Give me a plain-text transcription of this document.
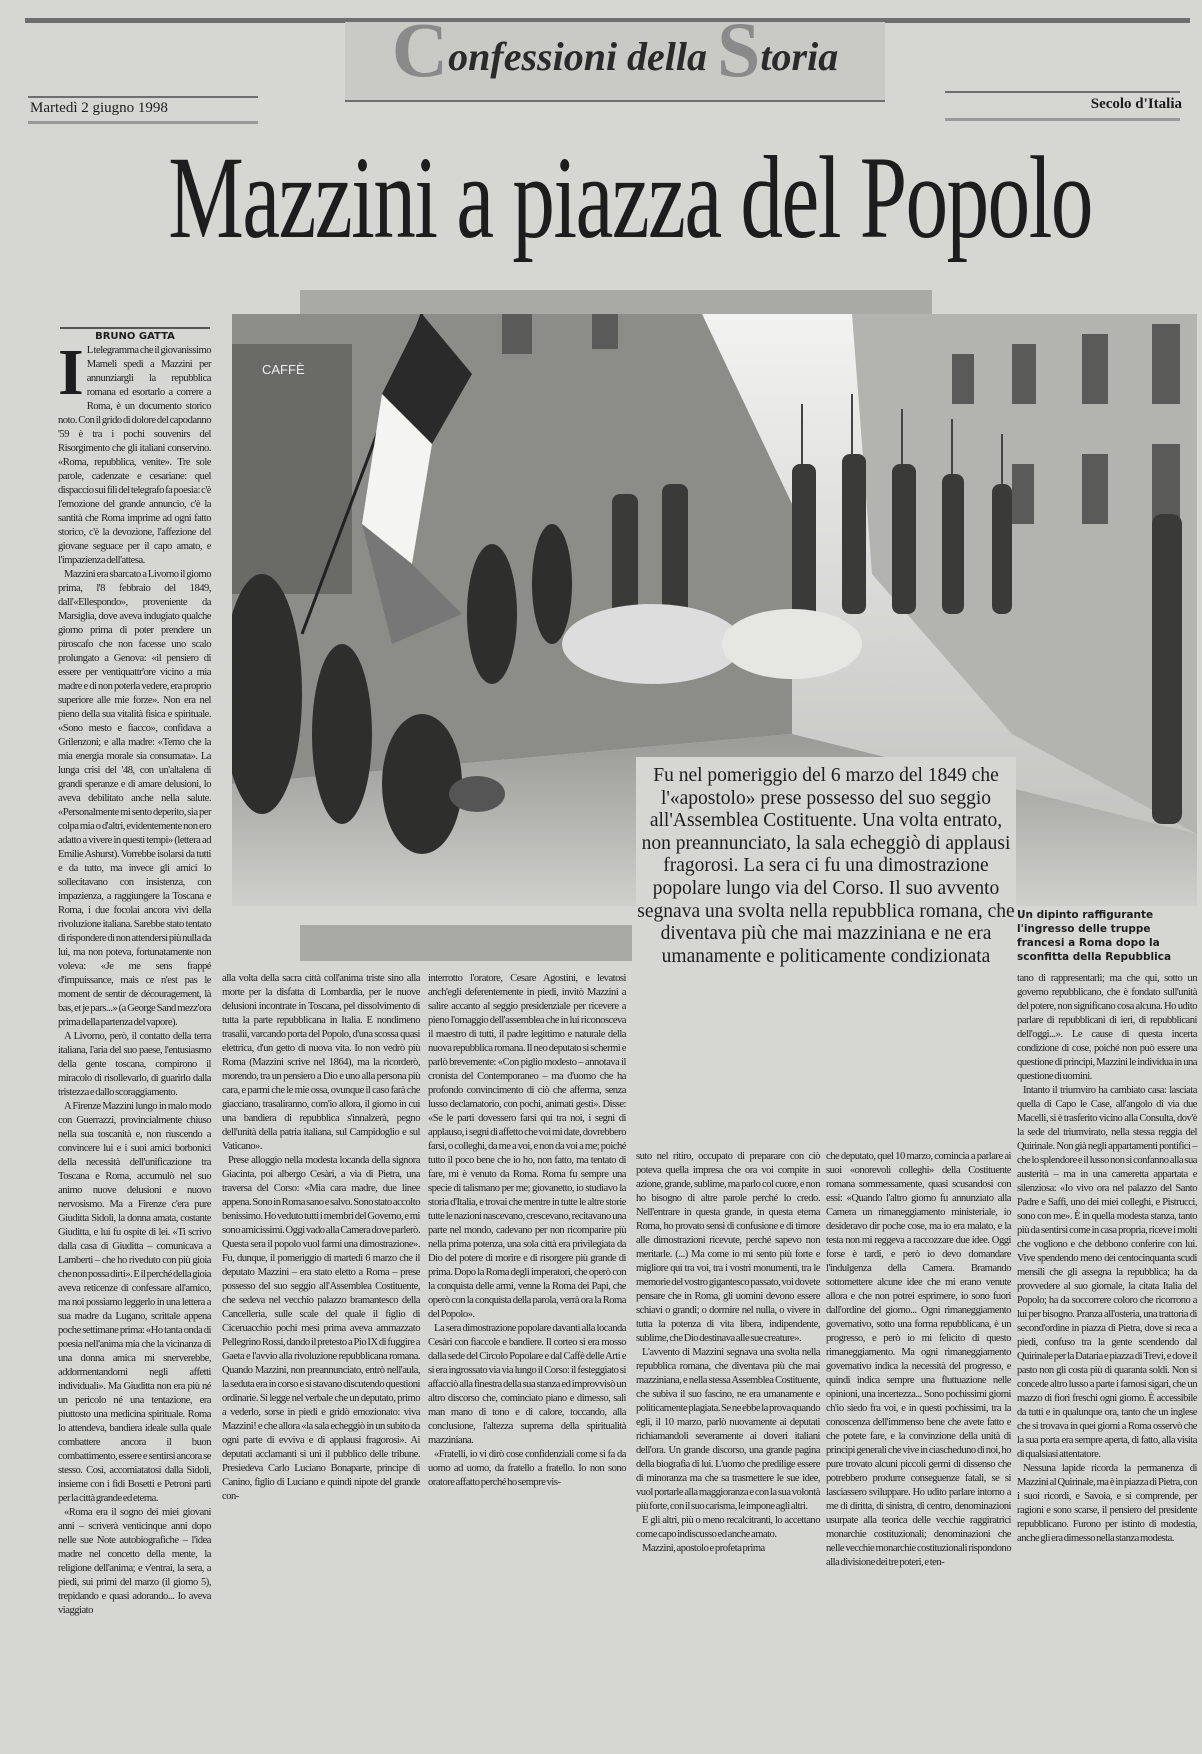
Confessioni della Storia
Martedì 2 giugno 1998	Secolo d'Italia
Mazzini a piazza del Popolo
BRUNO GATTA
I L telegramma che il giovanissimo Mameli spedì a Mazzini per annunziargli la repubblica romana ed esortarlo a correre a Roma, è un documento storico noto. Con il grido di dolore del capodanno '59 è tra i pochi souvenirs del Risorgimento che gli italiani conservino. «Roma, repubblica, venite». Tre sole parole, cadenzate e cesariane: quel dispaccio sui fili del telegrafo fa poesia: c'è l'emozione del grande annuncio, c'è la santità che Roma imprime ad ogni fatto storico, c'è la devozione, l'affezione del giovane seguace per il capo amato, e l'impazienza dell'attesa.

Mazzini era sbarcato a Livorno il giorno prima, l'8 febbraio del 1849, dall'«Ellespondo», proveniente da Marsiglia, dove aveva indugiato qualche giorno prima di poter prendere un piroscafo che non facesse uno scalo prolungato a Genova: «il pensiero di essere per ventiquattr'ore vicino a mia madre e di non poterla vedere, era proprio superiore alle mie forze». Non era nel pieno della sua vitalità fisica e spirituale. «Sono mesto e fiacco», confidava a Grilenzoni; e alla madre: «Temo che la mia energia morale sia consumata». La lunga crisi del '48, con un'altalena di grandi speranze e di amare delusioni, lo aveva debilitato anche nella salute. «Personalmente mi sento deperito, sia per colpa mia o d'altri, evidentemente non ero adatto a vivere in questi tempi» (lettera ad Emilie Ashurst). Vorrebbe isolarsi da tutti e da tutto, ma invece gli amici lo sollecitavano con insistenza, con impazienza, a raggiungere la Toscana e Roma, i due focolai ancora vivi della rivoluzione italiana. Sarebbe stato tentato di rispondere di non attendersi più nulla da lui, ma non poteva, fortunatamente non voleva: «Je me sens frappé d'impuissance, mais ce n'est pas le moment de sentir de découragement, là bas, et je pars...» (a George Sand mezz'ora prima della partenza del vapore).

A Livorno, però, il contatto della terra italiana, l'aria del suo paese, l'entusiasmo della gente toscana, compirono il miracolo di risollevarlo, di guarirlo dalla tristezza e dallo scoraggiamento.

A Firenze Mazzini lungo in malo modo con Guerrazzi, provincialmente chiuso nella sua toscanità e, non riuscendo a convincere lui e i suoi amici borbonici della necessità dell'unificazione tra Toscana e Roma, accumulò nel suo animo nuove delusioni e nuovo nervosismo. Ma a Firenze c'era pure Giuditta Sidoli, la donna amata, costante Giuditta, e lui fu ospite di lei. «Ti scrivo dalla casa di Giuditta – comunicava a Lamberti – che ho riveduto con più gioia che non possa dirti». E il perché della gioia aveva reticenze di confessare all'amico, ma noi possiamo leggerlo in una lettera a sua madre da Lugano, scrittale appena poche settimane prima: «Ho tanta onda di poesia nell'anima mia che la vicinanza di una donna amica mi snerverebbe, addormentandomi negli affetti individuali». Ma Giuditta non era più né un pericolo né una tentazione, era piuttosto una medicina spirituale. Roma lo attendeva, bandiera ideale sulla quale combattere ancora il buon combattimento, essere e sentirsi ancora se stesso. Così, accomiatatosi dalla Sidoli, insieme con i fidi Bosetti e Petroni partì per la città grande ed eterna.

«Roma era il sogno dei miei giovani anni – scriverà venticinque anni dopo nelle sue Note autobiografiche – l'idea madre nel concetto della mente, la religione dell'anima; e v'entrai, la sera, a piedi, sui primi del marzo (il giorno 5), trepidando e quasi adorando... Io aveva viaggiato

CAFFÈ
Fu nel pomeriggio del 6 marzo del 1849 che l'«apostolo» prese possesso del suo seggio all'Assemblea Costituente. Una volta entrato, non preannunciato, la sala echeggiò di applausi fragorosi. La sera ci fu una dimostrazione popolare lungo via del Corso. Il suo avvento segnava una svolta nella repubblica romana, che diventava più che mai mazziniana e ne era umanamente e politicamente condizionata
Un dipinto raffigurante l'ingresso delle truppe francesi a Roma dopo la sconfitta della Repubblica

alla volta della sacra città coll'anima triste sino alla morte per la disfatta di Lombardia, per le nuove delusioni incontrate in Toscana, pel dissolvimento di tutta la parte repubblicana in Italia. E nondimeno trasalii, varcando porta del Popolo, d'una scossa quasi elettrica, d'un getto di nuova vita. Io non vedrò più Roma (Mazzini scrive nel 1864), ma la ricorderò, morendo, tra un pensiero a Dio e uno alla persona più cara, e parmi che le mie ossa, ovunque il caso farà che giacciano, trasaliranno, com'io allora, il giorno in cui una bandiera di repubblica s'innalzerà, pegno dell'unità della patria italiana, sul Campidoglio e sul Vaticano».

Prese alloggio nella modesta locanda della signora Giacinta, poi albergo Cesàri, a via di Pietra, una traversa del Corso: «Mia cara madre, due linee appena. Sono in Roma sano e salvo. Sono stato accolto benissimo. Ho veduto tutti i membri del Governo, e mi sono amicissimi. Oggi vado alla Camera dove parlerò. Questa sera il popolo vuol farmi una dimostrazione». Fu, dunque, il pomeriggio di martedì 6 marzo che il deputato Mazzini – era stato eletto a Roma – prese possesso del suo seggio all'Assemblea Costituente, che sedeva nel vecchio palazzo bramantesco della Cancelleria, sulle scale del quale il figlio di Ciceruacchio pochi mesi prima aveva ammazzato Pellegrino Rossi, dando il pretesto a Pio IX di fuggire a Gaeta e l'avvio alla rivoluzione repubblicana romana. Quando Mazzini, non preannunciato, entrò nell'aula, la seduta era in corso e si stavano discutendo questioni ordinarie. Si legge nel verbale che un deputato, primo a vederlo, sorse in piedi e gridò emozionato: viva Mazzini! e che allora «la sala echeggiò in un subito da ogni parte di evviva e di applausi fragorosi». Ai deputati acclamanti si unì il pubblico delle tribune. Presiedeva Carlo Luciano Bonaparte, principe di Canino, figlio di Luciano e quindi nipote del grande con-

interrotto l'oratore, Cesare Agostini, e levatosi anch'egli deferentemente in piedi, invitò Mazzini a salire accanto al seggio presidenziale per ricevere a pieno l'omaggio dell'assemblea che in lui riconosceva il maestro di tutti, il padre legittimo e naturale della nuova repubblica romana. Il neo deputato si schermì e parlò brevemente: «Con piglio modesto – annotava il cronista del Contemporaneo – ma d'uomo che ha profondo convincimento di ciò che afferma, senza lusso declamatorio, con pochi, animati gesti». Disse: «Se le parti dovessero farsi qui tra noi, i segni di applauso, i segni di affetto che voi mi date, dovrebbero farsi, o colleghi, da me a voi, e non da voi a me; poiché tutto il poco bene che io ho, non fatto, ma tentato di fare, mi è venuto da Roma. Roma fu sempre una specie di talismano per me; giovanetto, io studiavo la storia d'Italia, e trovai che mentre in tutte le altre storie tutte le nazioni nascevano, crescevano, recitavano una parte nel mondo, cadevano per non ricomparire più nella prima potenza, una sola città era privilegiata da Dio del potere di morire e di risorgere più grande di prima. Dopo la Roma degli imperatori, che operò con la conquista delle armi, venne la Roma dei Papi, che operò con la conquista della parola, verrà ora la Roma del Popolo».

La sera dimostrazione popolare davanti alla locanda Cesàri con fiaccole e bandiere. Il corteo si era mosso dalla sede del Circolo Popolare e dal Caffè delle Arti e si era ingrossato via via lungo il Corso: il festeggiato si affacciò alla finestra della sua stanza ed improvvisò un altro discorso che, cominciato piano e dimesso, salì man mano di tono e di calore, toccando, alla conclusione, l'altezza suprema della spiritualità mazziniana.

«Fratelli, io vi dirò cose confidenziali come si fa da uomo ad uomo, da fratello a fratello. Io non sono oratore affatto perché ho sempre vis-

suto nel ritiro, occupato di preparare con ciò poteva quella impresa che ora voi compite in azione, grande, sublime, ma parlo col cuore, e non ho bisogno di altre parole perché lo credo. Nell'entrare in questa grande, in questa eterna Roma, ho provato sensi di confusione e di timore alle dimostrazioni ricevute, perché sapevo non meritarle. (...) Ma come io mi sento più forte e migliore qui tra voi, tra i vostri monumenti, tra le memorie del vostro gigantesco passato, voi dovete pensare che in Roma, gli uomini devono essere schiavi o grandi; o dormire nel nulla, o vivere in tutta la potenza di vita libera, indipendente, sublime, che Dio destinava alle sue creature».

L'avvento di Mazzini segnava una svolta nella repubblica romana, che diventava più che mai mazziniana, e nella stessa Assemblea Costituente, che subiva il suo fascino, ne era umanamente e politicamente plagiata. Se ne ebbe la prova quando egli, il 10 marzo, parlò nuovamente ai deputati richiamandoli severamente ai doveri italiani dell'ora. Un grande discorso, una grande pagina della biografia di lui. L'uomo che predilige essere di minoranza ma che sa trasmettere le sue idee, vuol portarle alla maggioranza e con la sua volontà più forte, con il suo carisma, le impone agli altri.

E gli altri, più o meno recalcitranti, lo accettano come capo indiscusso ed anche amato.

Mazzini, apostolo e profeta prima

che deputato, quel 10 marzo, comincia a parlare ai suoi «onorevoli colleghi» della Costituente romana sommessamente, quasi scusandosi con essi: «Quando l'altro giorno fu annunziato alla Camera un rimaneggiamento ministeriale, io desideravo dir poche cose, ma io era malato, e la testa non mi reggeva a raccozzare due idee. Oggi forse è tardi, e però io devo domandare l'indulgenza della Camera. Bramando sottomettere alcune idee che mi erano venute allora e che non potrei esprimere, io sono fuori dall'ordine del giorno... Ogni rimaneggiamento governativo, sotto una forma repubblicana, è un progresso, e però io mi felicito di questo rimaneggiamento. Ma ogni rimaneggiamento governativo indica la necessità del progresso, e quindi indica sempre una fluttuazione nelle opinioni, una incertezza... Sono pochissimi giorni ch'io siedo fra voi, e in questi pochissimi, tra la conoscenza dell'immenso bene che avete fatto e che potete fare, e la convinzione della unità di principi generali che vive in ciascheduno di noi, ho pure trovato alcuni piccoli germi di dissenso che potrebbero produrre conseguenze fatali, se si lasciassero sviluppare. Ho udito parlare intorno a me di diritta, di sinistra, di centro, denominazioni usurpate alla teorica delle vecchie raggiratrici monarchie costituzionali; denominazioni che nelle vecchie monarchie costituzionali rispondono alla divisione dei tre poteri, e ten-

tano di rappresentarli; ma che qui, sotto un governo repubblicano, che è fondato sull'unità del potere, non significano cosa alcuna. Ho udito parlare di repubblicani di ieri, di repubblicani dell'oggi...». Le cause di questa incerta condizione di cose, poiché non può essere una questione di principi, Mazzini le individua in una questione di uomini.

Intanto il triumviro ha cambiato casa: lasciata quella di Capo le Case, all'angolo di via due Macelli, si è trasferito vicino alla Consulta, dov'è la sede del triumvirato, nella stessa reggia del Quirinale. Non già negli appartamenti pontifici – che lo splendore e il lusso non si confanno alla sua austerità – ma in una cameretta appartata e silenziosa: «Io vivo ora nel palazzo del Santo Padre e Saffi, uno dei miei colleghi, e Pistrucci, sono con me». È in quella modesta stanza, tanto più da sentirsi come in casa propria, riceve i molti che vogliono e che debbono conferire con lui. Vive spendendo meno dei centocinquanta scudi mensili che gli assegna la repubblica; ha da provvedere al suo giornale, la citata Italia del Popolo; ha da soccorrere coloro che ricorrono a lui per bisogno. Pranza all'osteria, una trattoria di second'ordine in piazza di Pietra, dove si reca a piedi, confuso tra la gente scendendo dal Quirinale per la Dataria e piazza di Trevi, e dove il pasto non gli costa più di quaranta soldi. Non si concede altro lusso a parte i famosi sigari, che un mazzo di fiori freschi ogni giorno. È accessibile da tutti e in qualunque ora, tanto che un inglese che si trovava in quei giorni a Roma osservò che la sua porta era sempre aperta, di fatto, alla visita di qualsiasi attentatore.

Nessuna lapide ricorda la permanenza di Mazzini al Quirinale, ma è in piazza di Pietra, con i suoi ricordi, e Savoia, e si comprende, per ragioni e sono scarse, il pensiero del presidente repubblicano. Furono per istinto di modestia, anche gli era dimesso nella stanza modesta.
